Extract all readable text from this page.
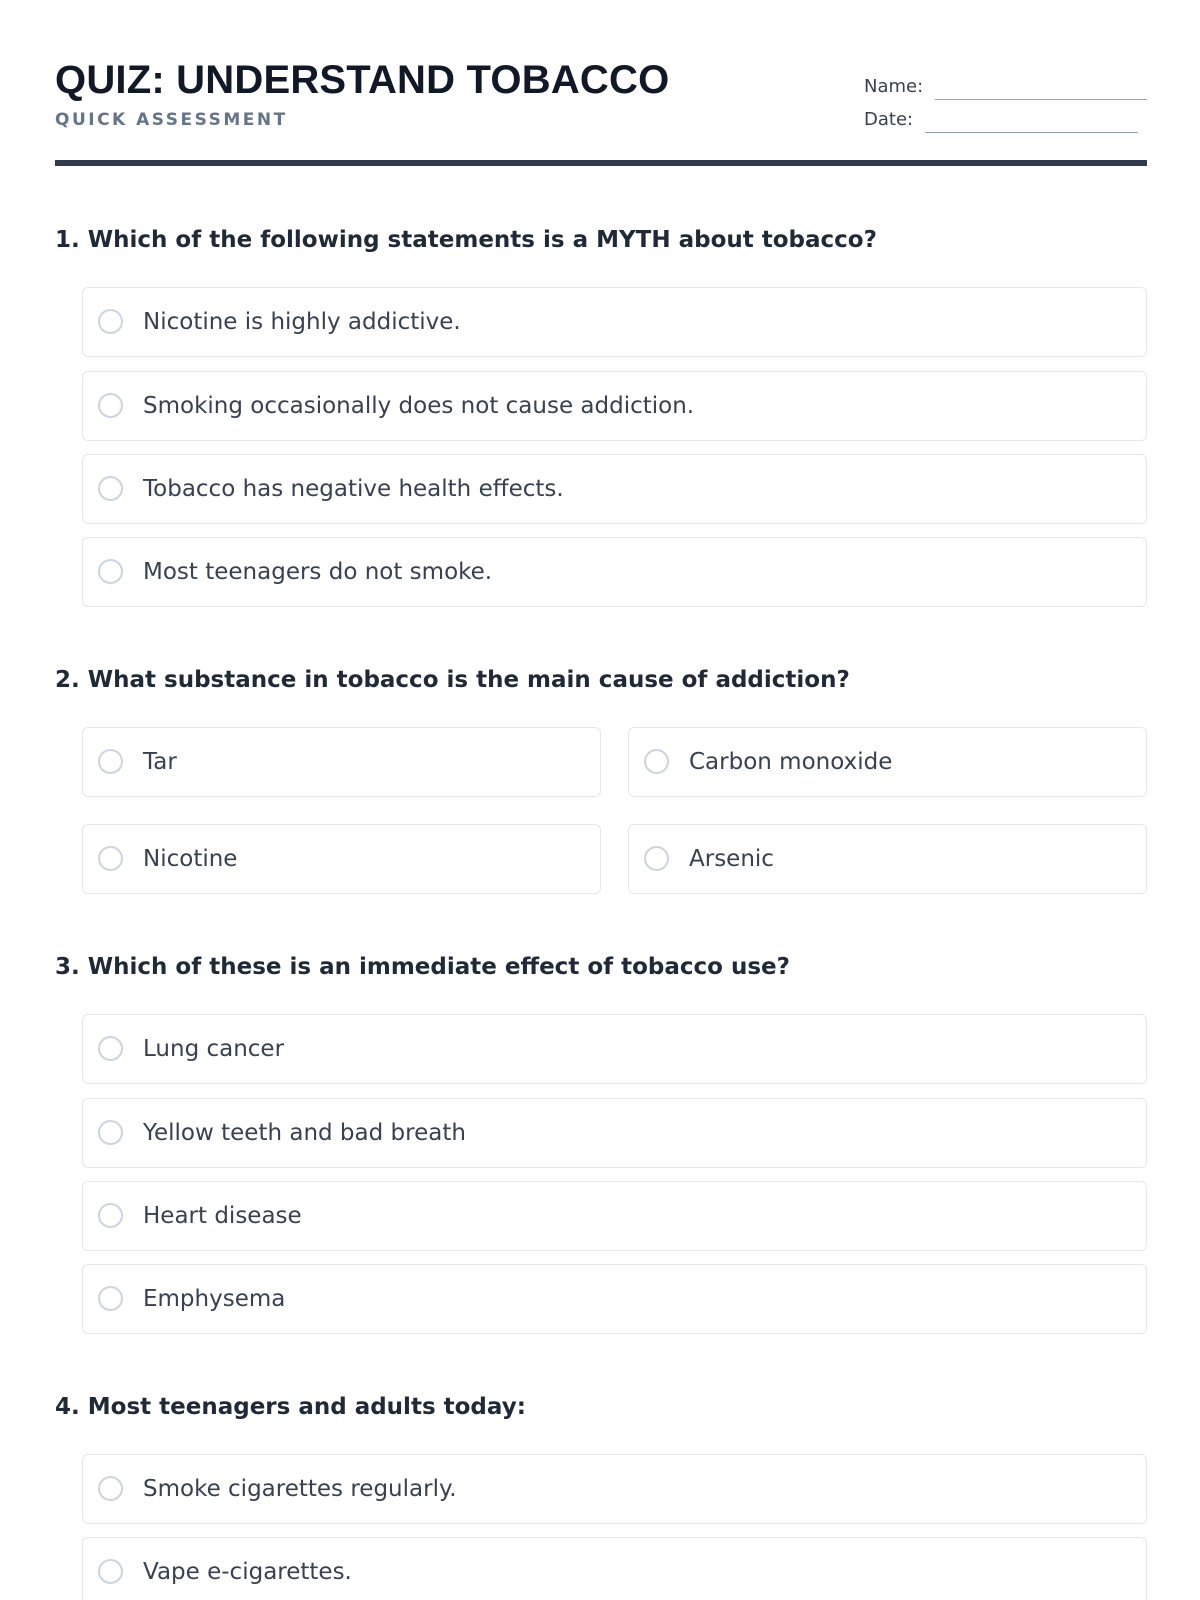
QUIZ: UNDERSTAND TOBACCO
QUICK ASSESSMENT
Name:
Date:
1. Which of the following statements is a MYTH about tobacco?
Nicotine is highly addictive.
Smoking occasionally does not cause addiction.
Tobacco has negative health effects.
Most teenagers do not smoke.
2. What substance in tobacco is the main cause of addiction?
Tar	Carbon monoxide
Nicotine	Arsenic
3. Which of these is an immediate effect of tobacco use?
Lung cancer
Yellow teeth and bad breath
Heart disease
Emphysema
4. Most teenagers and adults today:
Smoke cigarettes regularly.
Vape e-cigarettes.
